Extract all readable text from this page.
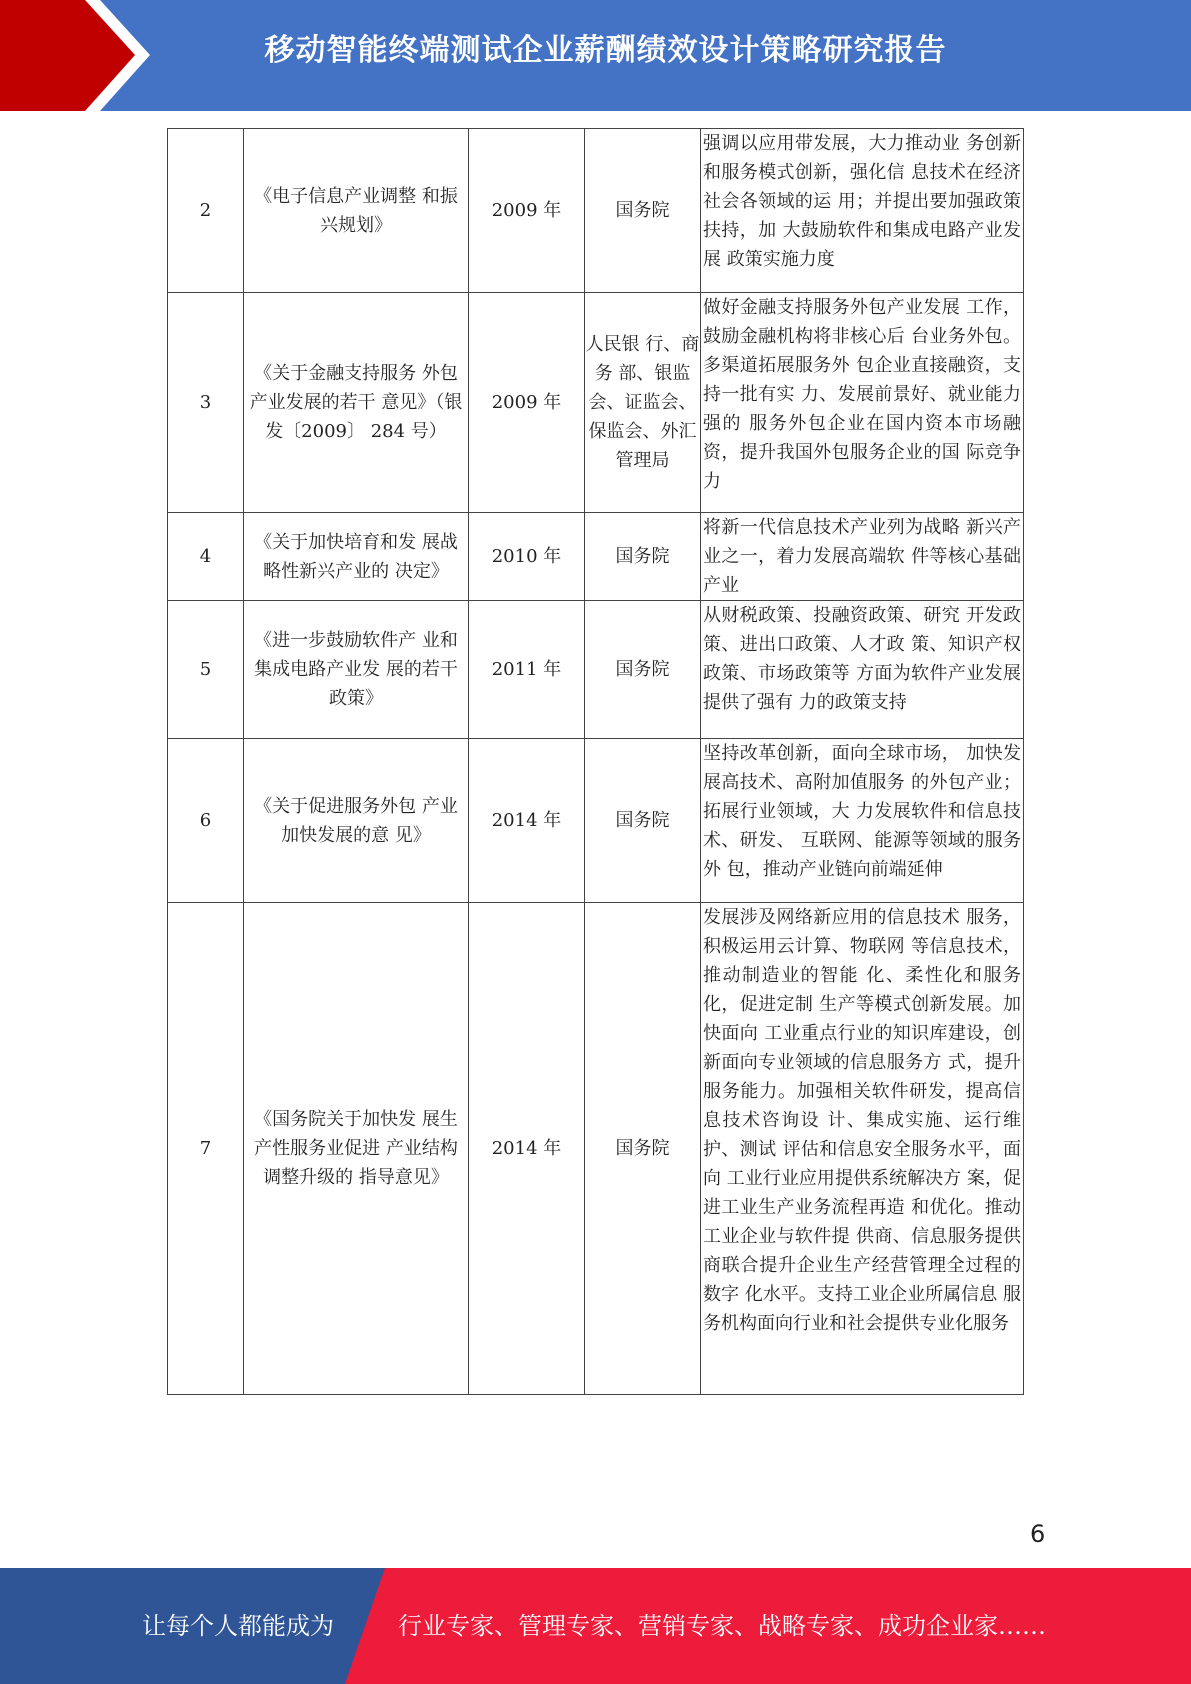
移动智能终端测试企业薪酬绩效设计策略研究报告
2	《电子信息产业调整 和振兴规划》	2009 年	国务院	强调以应用带发展，大力推动业 务创新和服务模式创新，强化信 息技术在经济社会各领域的运 用；并提出要加强政策扶持，加 大鼓励软件和集成电路产业发展 政策实施力度
3	《关于金融支持服务 外包产业发展的若干 意见》（银发〔2009〕 284 号）	2009 年	人民银 行、商务 部、银监 会、证监会、保监会、外汇管理局	做好金融支持服务外包产业发展 工作，鼓励金融机构将非核心后 台业务外包。多渠道拓展服务外 包企业直接融资，支持一批有实 力、发展前景好、就业能力强的 服务外包企业在国内资本市场融 资，提升我国外包服务企业的国 际竞争力
4	《关于加快培育和发 展战略性新兴产业的 决定》	2010 年	国务院	将新一代信息技术产业列为战略 新兴产业之一，着力发展高端软 件等核心基础产业
5	《进一步鼓励软件产 业和集成电路产业发 展的若干政策》	2011 年	国务院	从财税政策、投融资政策、研究 开发政策、进出口政策、人才政 策、知识产权政策、市场政策等 方面为软件产业发展提供了强有 力的政策支持
6	《关于促进服务外包 产业加快发展的意 见》	2014 年	国务院	坚持改革创新，面向全球市场， 加快发展高技术、高附加值服务 的外包产业；拓展行业领域，大 力发展软件和信息技术、研发、 互联网、能源等领域的服务外 包，推动产业链向前端延伸
7	《国务院关于加快发 展生产性服务业促进 产业结构调整升级的 指导意见》	2014 年	国务院	发展涉及网络新应用的信息技术 服务，积极运用云计算、物联网 等信息技术，推动制造业的智能 化、柔性化和服务化，促进定制 生产等模式创新发展。加快面向 工业重点行业的知识库建设，创 新面向专业领域的信息服务方 式，提升服务能力。加强相关软件研发，提高信息技术咨询设 计、集成实施、运行维护、测试 评估和信息安全服务水平，面向 工业行业应用提供系统解决方 案，促进工业生产业务流程再造 和优化。推动工业企业与软件提 供商、信息服务提供商联合提升企业生产经营管理全过程的数字 化水平。支持工业企业所属信息 服务机构面向行业和社会提供专业化服务
6
让每个人都能成为	行业专家、管理专家、营销专家、战略专家、成功企业家……
